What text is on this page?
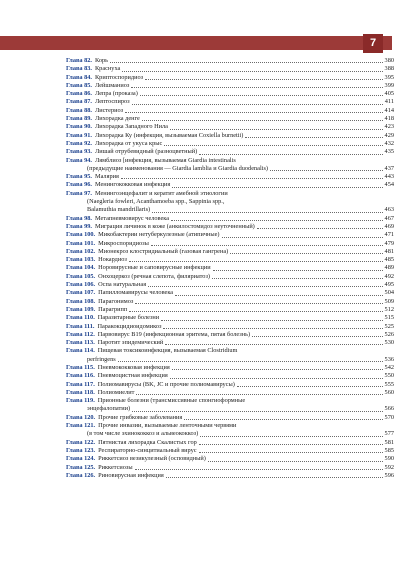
Оглавление
7
Глава 82. Корь	380
Глава 83. Краснуха	388
Глава 84. Криптоспоридиоз	395
Глава 85. Лейшманиоз	399
Глава 86. Лепра (проказа)	405
Глава 87. Лептоспироз	411
Глава 88. Листериоз	414
Глава 89. Лихорадка денге	418
Глава 90. Лихорадка Западного Нила	423
Глава 91. Лихорадка Ку (инфекция, вызываемая Coxiella burnetii)	429
Глава 92. Лихорадка от укуса крыс	432
Глава 93. Лишай отрубевидный (разноцветный)	435
Глава 94. Лямблиоз [инфекция, вызываемая Giardia intestinalis
(предыдущие наименования — Giardia lamblia и Giardia duodenalis)	437
Глава 95. Малярия	443
Глава 96. Менингококковая инфекция	454
Глава 97. Менингоэнцефалит и кератит амебной этиологии
(Naegleria fowleri, Acanthamoeba spp., Sappinia spp.,
Balamuthia mandrillaris)	463
Глава 98. Метапневмовирус человека	467
Глава 99. Миграция личинок в коже (анкилостомидоз неуточненный)	469
Глава 100. Микобактерии нетуберкулезные (атипичные)	471
Глава 101. Микроспоридиозы	479
Глава 102. Мионекроз клостридиальный (газовая гангрена)	481
Глава 103. Нокардиоз	485
Глава 104. Норовирусные и саповирусные инфекции	489
Глава 105. Онхоцеркоз (речная слепота, филяриатоз)	492
Глава 106. Оспа натуральная	495
Глава 107. Папилломавирусы человека	504
Глава 108. Парагонимоз	509
Глава 109. Парагрипп	512
Глава 110. Паразитарные болезни	515
Глава 111. Паракокцидиоидомикоз	525
Глава 112. Парвовирус B19 (инфекционная эритема, пятая болезнь)	526
Глава 113. Паротит эпидемический	530
Глава 114. Пищевая токсикоинфекция, вызываемая Clostridium
perfringens	536
Глава 115. Пневмококковая инфекция	542
Глава 116. Пневмоцистная инфекция	550
Глава 117. Полиомавирусы (BK, JC и прочие полиомавирусы)	555
Глава 118. Полиомиелит	560
Глава 119. Прионные болезни (трансмиссивные спонгиоформные
энцефалопатии)	566
Глава 120. Прочие грибковые заболевания	570
Глава 121. Прочие инвазии, вызываемые ленточными червями
(в том числе эхинококкоз и альвеококкоз)	577
Глава 122. Пятнистая лихорадка Скалистых гор	581
Глава 123. Респираторно-синцитиальный вирус	585
Глава 124. Риккетсиоз везикулезный (осповидный)	590
Глава 125. Риккетсиозы	592
Глава 126. Риновирусная инфекция	596
